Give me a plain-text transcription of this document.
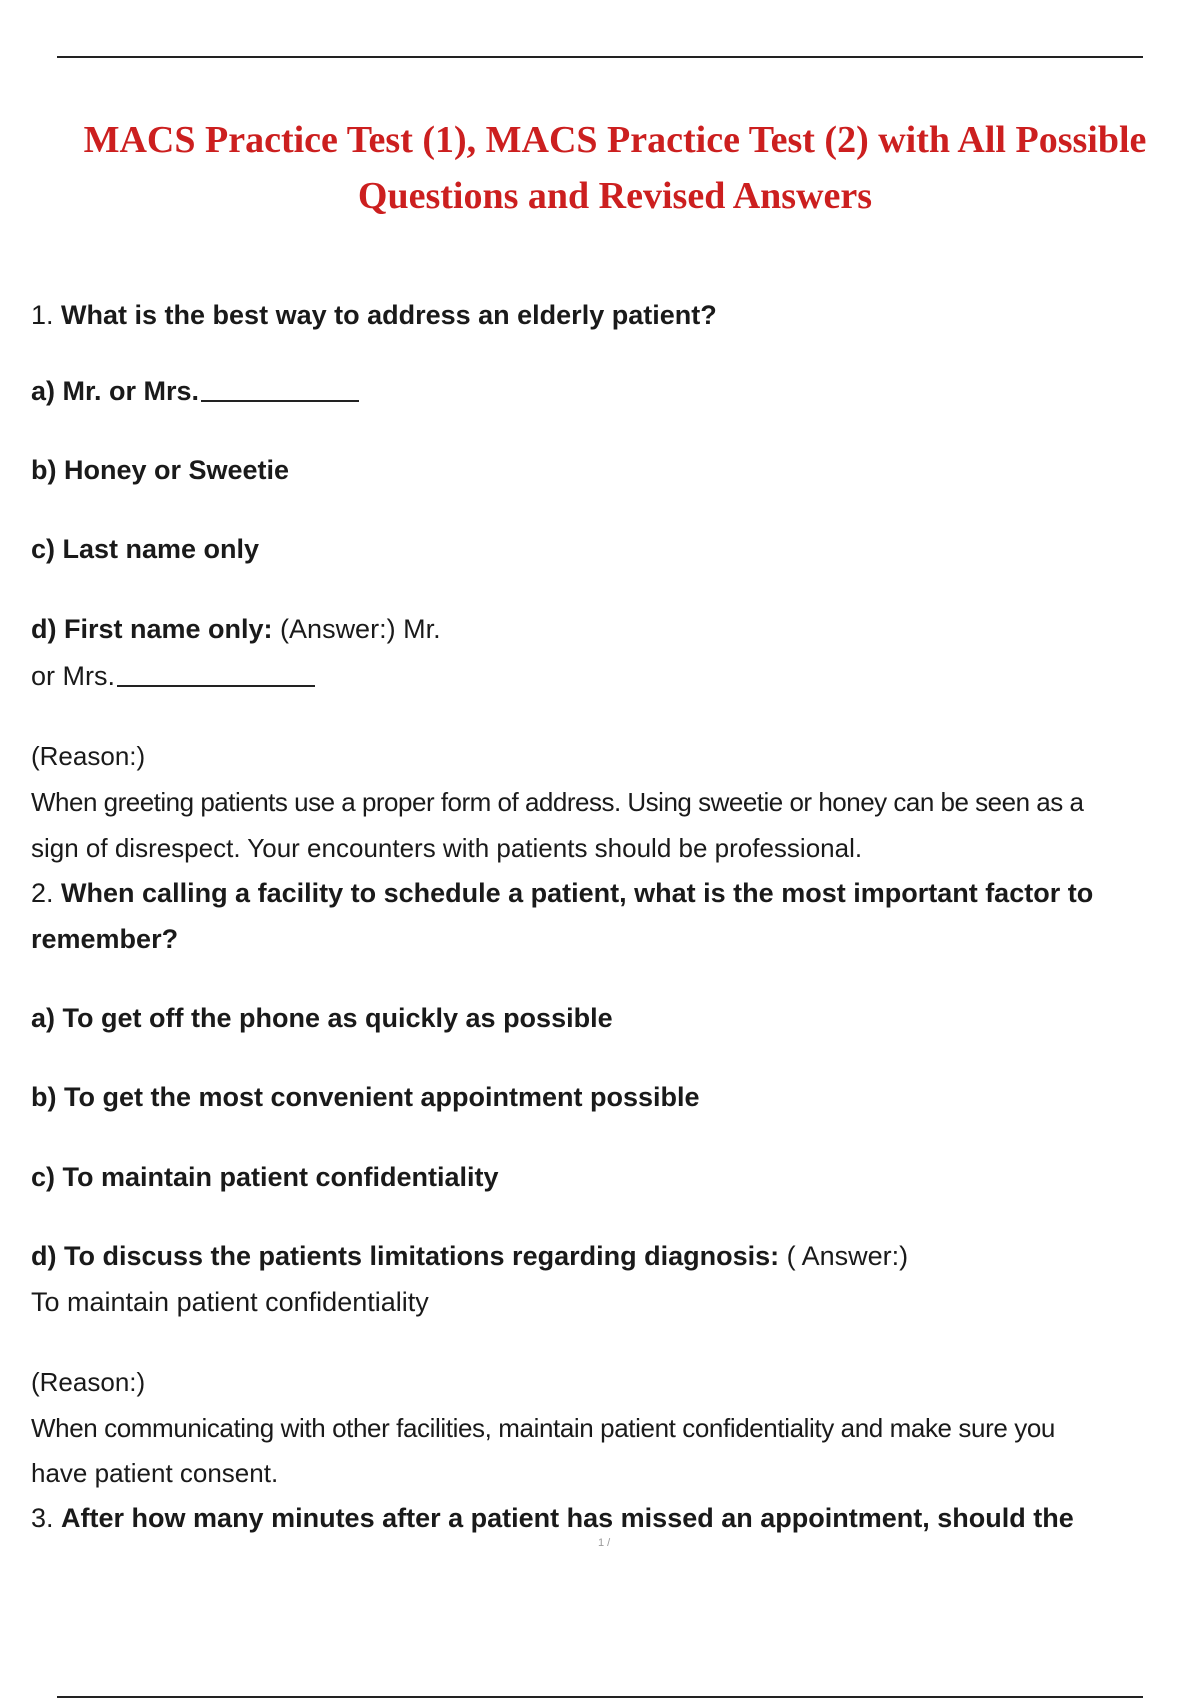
MACS Practice Test (1), MACS Practice Test (2) with All Possible
Questions and Revised Answers
1. What is the best way to address an elderly patient?
a) Mr. or Mrs.
b) Honey or Sweetie
c) Last name only
d) First name only: (Answer:) Mr.
or Mrs.
(Reason:)
When greeting patients use a proper form of address. Using sweetie or honey can be seen as a
sign of disrespect. Your encounters with patients should be professional.
2. When calling a facility to schedule a patient, what is the most important factor to
remember?
a) To get off the phone as quickly as possible
b) To get the most convenient appointment possible
c) To maintain patient confidentiality
d) To discuss the patients limitations regarding diagnosis: ( Answer:)
To maintain patient confidentiality
(Reason:)
When communicating with other facilities, maintain patient confidentiality and make sure you
have patient consent.
3. After how many minutes after a patient has missed an appointment, should the
1 /
